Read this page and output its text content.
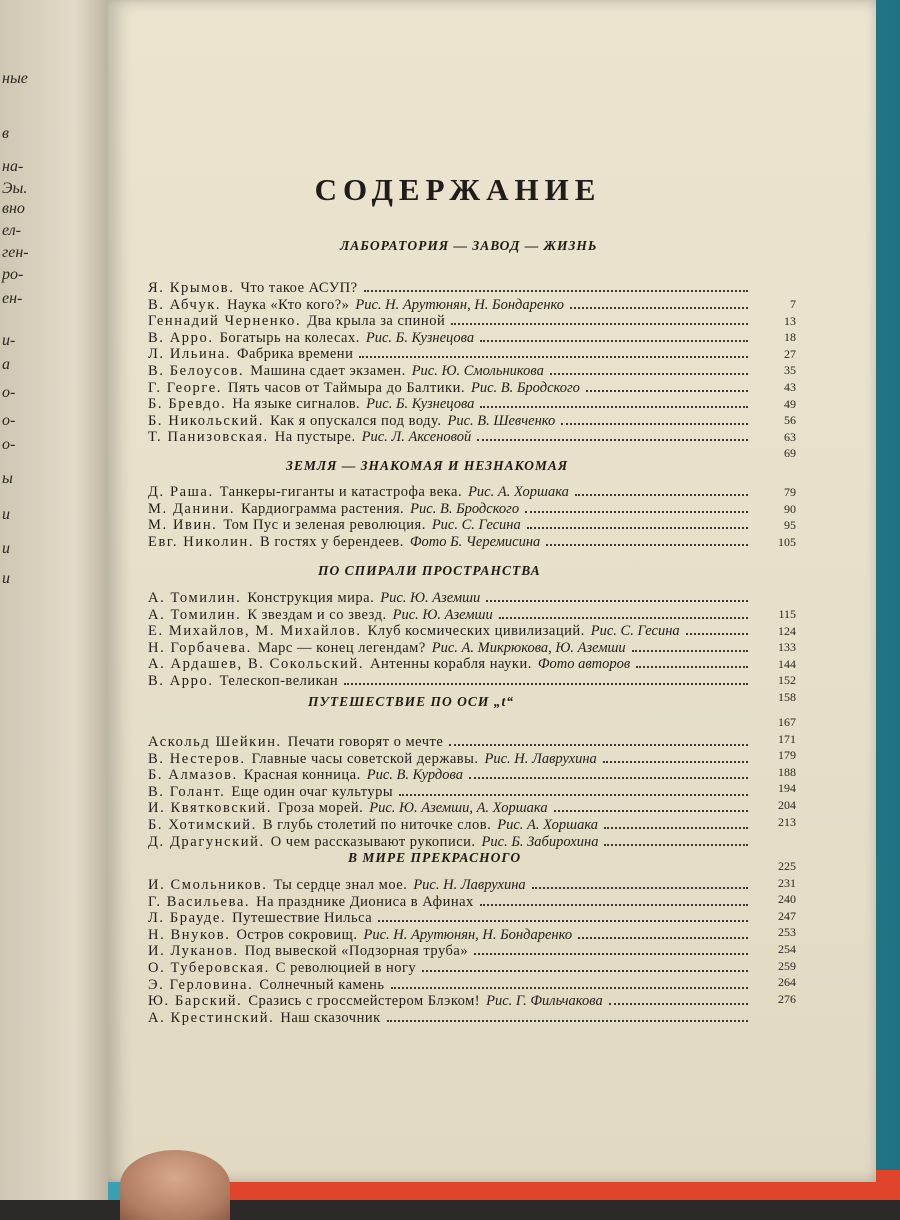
ные
в
на-
Эы.
вно
ел-
ген-
ро-
ен-
и-
а
о-
о-
о-
ы
и
и
и
СОДЕРЖАНИЕ
ЛАБОРАТОРИЯ — ЗАВОД — ЖИЗНЬ
Я. Крымов. Что такое АСУП?
В. Абчук. Наука «Кто кого?» Рис. Н. Арутюнян, Н. Бондаренко
Геннадий Черненко. Два крыла за спиной
В. Арро. Богатырь на колесах. Рис. Б. Кузнецова
Л. Ильина. Фабрика времени
В. Белоусов. Машина сдает экзамен. Рис. Ю. Смольникова
Г. Георге. Пять часов от Таймыра до Балтики. Рис. В. Бродского
Б. Бревдо. На языке сигналов. Рис. Б. Кузнецова
Б. Никольский. Как я опускался под воду. Рис. В. Шевченко
Т. Панизовская. На пустыре. Рис. Л. Аксеновой
7
13
18
27
35
43
49
56
63
69
ЗЕМЛЯ — ЗНАКОМАЯ И НЕЗНАКОМАЯ
Д. Раша. Танкеры-гиганты и катастрофа века. Рис. А. Хоршака
М. Данини. Кардиограмма растения. Рис. В. Бродского
М. Ивин. Том Пус и зеленая революция. Рис. С. Гесина
Евг. Николин. В гостях у берендеев. Фото Б. Черемисина
79
90
95
105
ПО СПИРАЛИ ПРОСТРАНСТВА
А. Томилин. Конструкция мира. Рис. Ю. Аземши
А. Томилин. К звездам и со звезд. Рис. Ю. Аземши
Е. Михайлов, М. Михайлов. Клуб космических цивилизаций. Рис. С. Гесина
Н. Горбачева. Марс — конец легендам? Рис. А. Микрюкова, Ю. Аземши
А. Ардашев, В. Сокольский. Антенны корабля науки. Фото авторов
В. Арро. Телескоп-великан
115
124
133
144
152
158
ПУТЕШЕСТВИЕ ПО ОСИ „t“
Аскольд Шейкин. Печати говорят о мечте
В. Нестеров. Главные часы советской державы. Рис. Н. Лаврухина
Б. Алмазов. Красная конница. Рис. В. Курдова
В. Голант. Еще один очаг культуры
И. Квятковский. Гроза морей. Рис. Ю. Аземши, А. Хоршака
Б. Хотимский. В глубь столетий по ниточке слов. Рис. А. Хоршака
Д. Драгунский. О чем рассказывают рукописи. Рис. Б. Забирохина
167
171
179
188
194
204
213
В МИРЕ ПРЕКРАСНОГО
И. Смольников. Ты сердце знал мое. Рис. Н. Лаврухина
Г. Васильева. На празднике Диониса в Афинах
Л. Брауде. Путешествие Нильса
Н. Внуков. Остров сокровищ. Рис. Н. Арутюнян, Н. Бондаренко
И. Луканов. Под вывеской «Подзорная труба»
О. Туберовская. С революцией в ногу
Э. Герловина. Солнечный камень
Ю. Барский. Сразись с гроссмейстером Блэком! Рис. Г. Фильчакова
А. Крестинский. Наш сказочник
225
231
240
247
253
254
259
264
276
